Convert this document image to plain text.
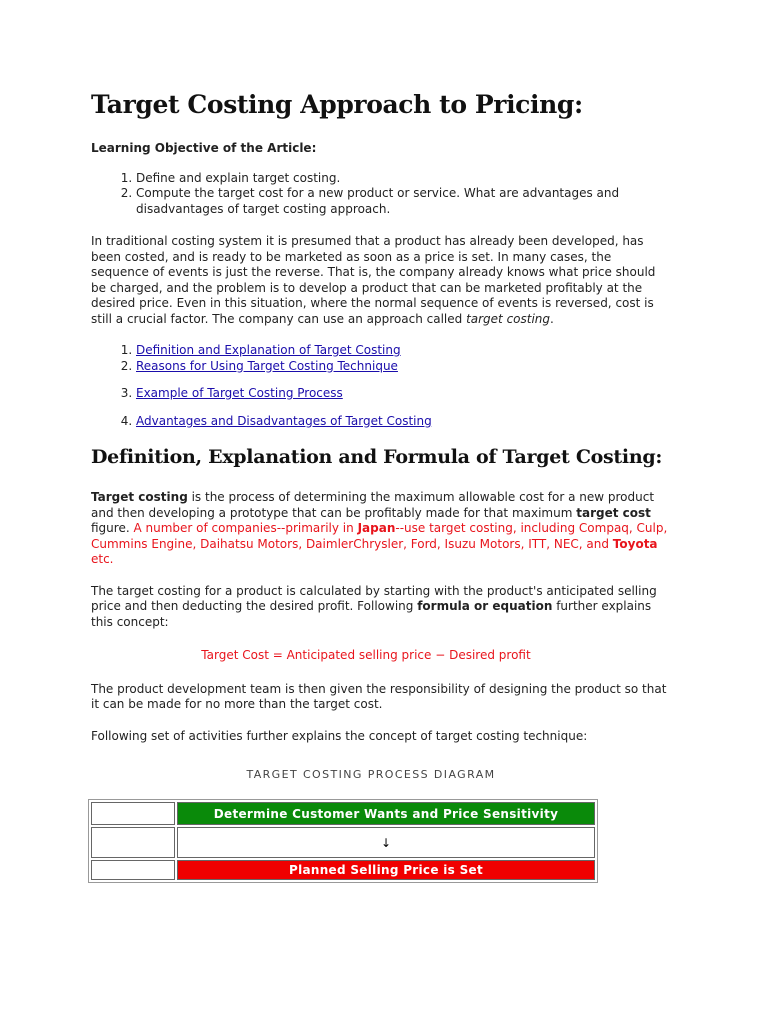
Target Costing Approach to Pricing:

Learning Objective of the Article:

1. Define and explain target costing.
2. Compute the target cost for a new product or service. What are advantages and disadvantages of target costing approach.

In traditional costing system it is presumed that a product has already been developed, has been costed, and is ready to be marketed as soon as a price is set. In many cases, the sequence of events is just the reverse. That is, the company already knows what price should be charged, and the problem is to develop a product that can be marketed profitably at the desired price. Even in this situation, where the normal sequence of events is reversed, cost is still a crucial factor. The company can use an approach called target costing.

1. Definition and Explanation of Target Costing
2. Reasons for Using Target Costing Technique
3. Example of Target Costing Process
4. Advantages and Disadvantages of Target Costing
Definition, Explanation and Formula of Target Costing:

Target costing is the process of determining the maximum allowable cost for a new product and then developing a prototype that can be profitably made for that maximum target cost figure. A number of companies--primarily in Japan--use target costing, including Compaq, Culp, Cummins Engine, Daihatsu Motors, DaimlerChrysler, Ford, Isuzu Motors, ITT, NEC, and Toyota etc.

The target costing for a product is calculated by starting with the product's anticipated selling price and then deducting the desired profit. Following formula or equation further explains this concept:

Target Cost = Anticipated selling price − Desired profit

The product development team is then given the responsibility of designing the product so that it can be made for no more than the target cost.

Following set of activities further explains the concept of target costing technique:

TARGET COSTING PROCESS DIAGRAM
	Determine Customer Wants and Price Sensitivity
	↓
	Planned Selling Price is Set
